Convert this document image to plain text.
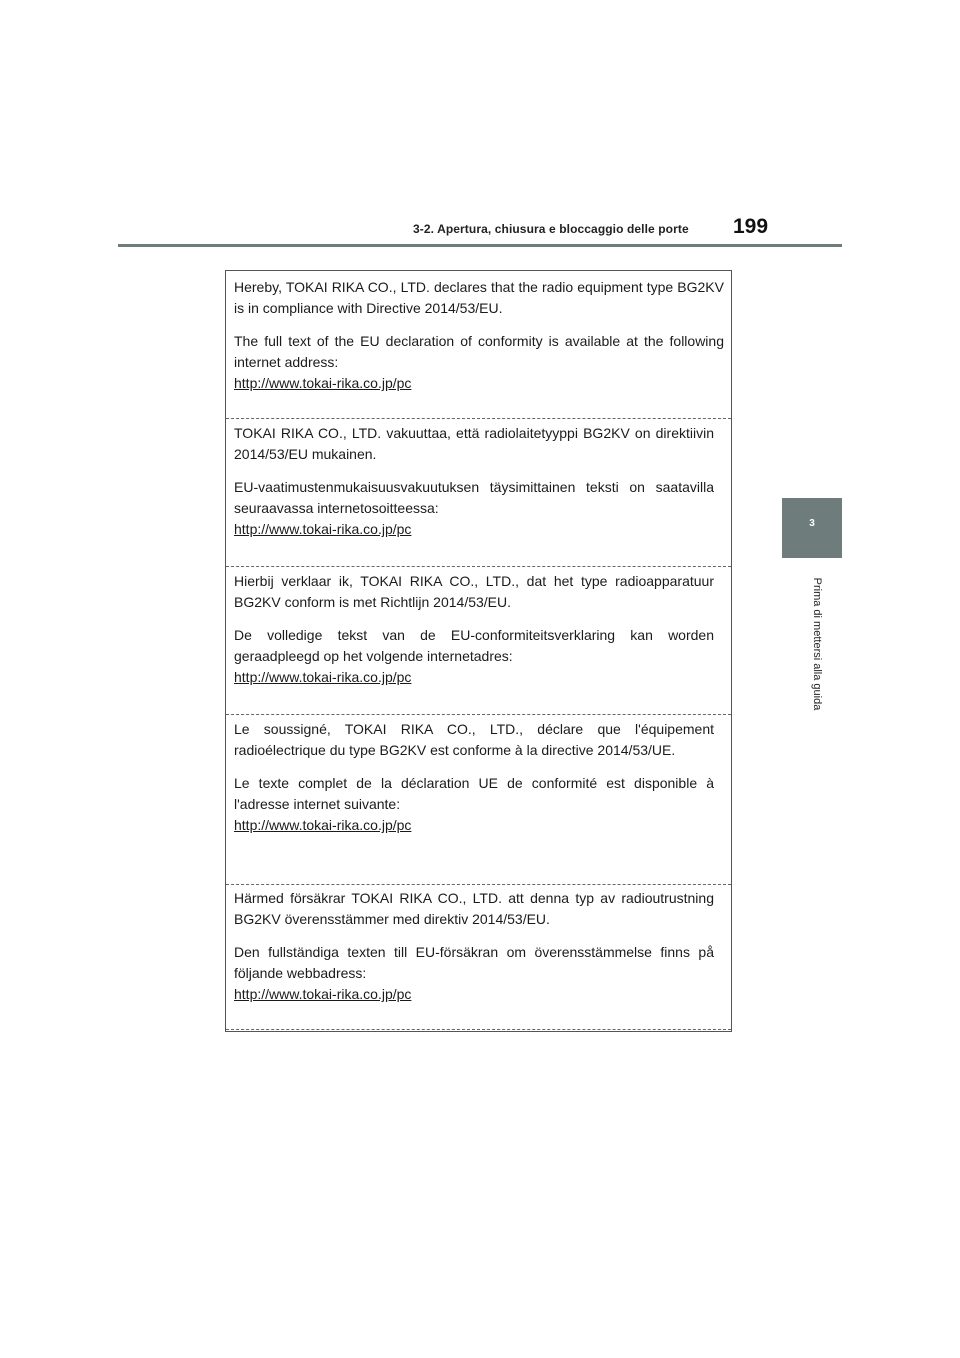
3-2. Apertura, chiusura e bloccaggio delle porte 199
3
Prima di mettersi alla guida

Hereby, TOKAI RIKA CO., LTD. declares that the radio equipment type BG2KV is in compliance with Directive 2014/53/EU.

The full text of the EU declaration of conformity is available at the following internet address:

http://www.tokai-rika.co.jp/pc

TOKAI RIKA CO., LTD. vakuuttaa, että radiolaitetyyppi BG2KV on direktiivin 2014/53/EU mukainen.

EU-vaatimustenmukaisuusvakuutuksen täysimittainen teksti on saatavilla seuraavassa internetosoitteessa:

http://www.tokai-rika.co.jp/pc

Hierbij verklaar ik, TOKAI RIKA CO., LTD., dat het type radioapparatuur BG2KV conform is met Richtlijn 2014/53/EU.

De volledige tekst van de EU-conformiteitsverklaring kan worden geraadpleegd op het volgende internetadres:

http://www.tokai-rika.co.jp/pc

Le soussigné, TOKAI RIKA CO., LTD., déclare que l'équipement radioélectrique du type BG2KV est conforme à la directive 2014/53/UE.

Le texte complet de la déclaration UE de conformité est disponible à l'adresse internet suivante:

http://www.tokai-rika.co.jp/pc

Härmed försäkrar TOKAI RIKA CO., LTD. att denna typ av radioutrustning BG2KV överensstämmer med direktiv 2014/53/EU.

Den fullständiga texten till EU-försäkran om överensstämmelse finns på följande webbadress:

http://www.tokai-rika.co.jp/pc
